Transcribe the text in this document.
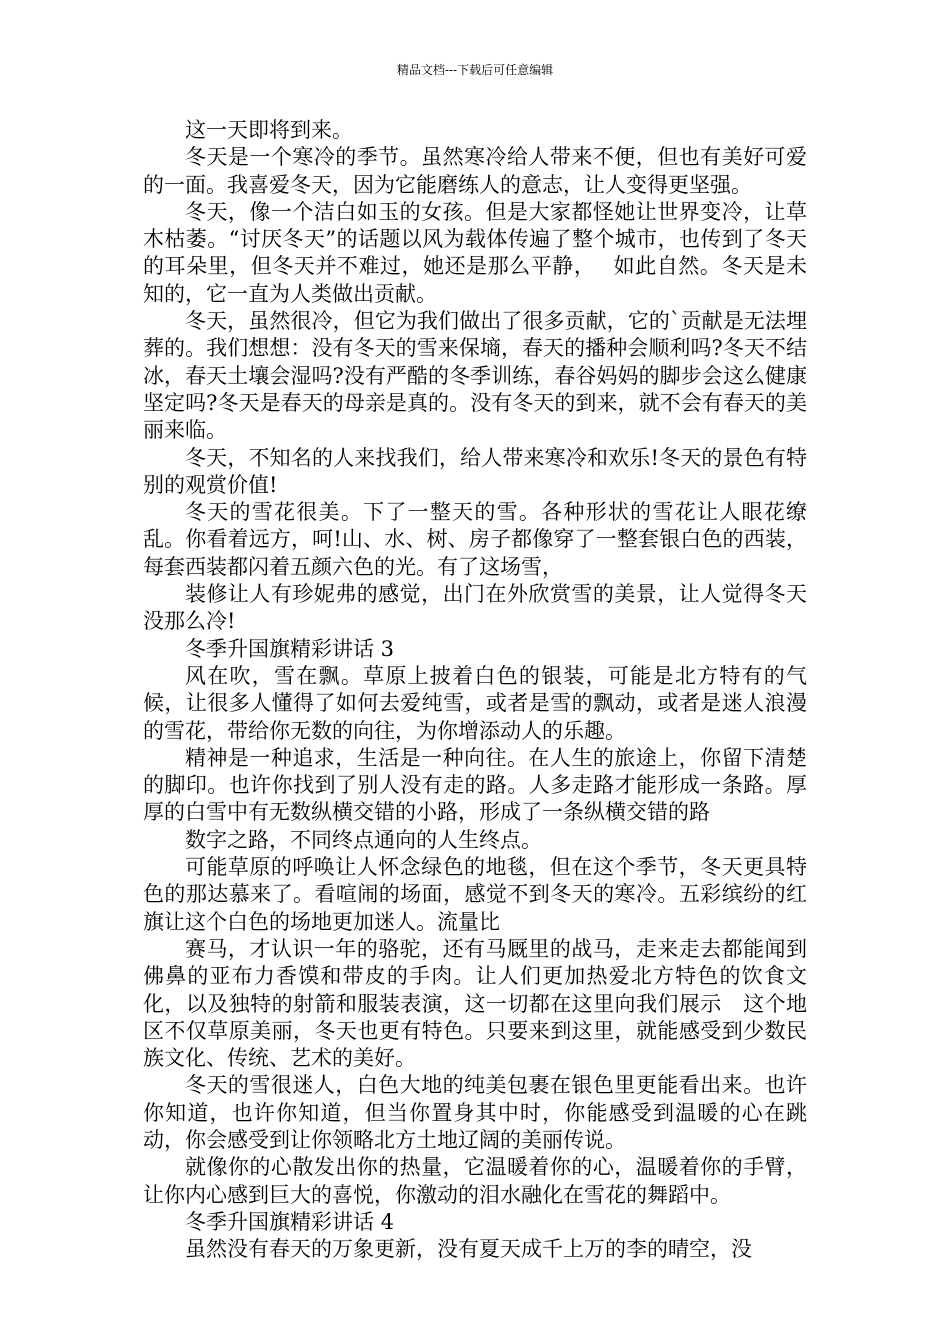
精品文档---下载后可任意编辑

这一天即将到来。

冬天是一个寒冷的季节。虽然寒冷给人带来不便，但也有美好可爱的一面。我喜爱冬天，因为它能磨练人的意志，让人变得更坚强。

冬天，像一个洁白如玉的女孩。但是大家都怪她让世界变冷，让草木枯萎。“讨厌冬天”的话题以风为载体传遍了整个城市，也传到了冬天的耳朵里，但冬天并不难过，她还是那么平静，　 如此自然。冬天是未知的，它一直为人类做出贡献。

冬天，虽然很冷，但它为我们做出了很多贡献，它的`贡献是无法埋葬的。我们想想：没有冬天的雪来保墒，春天的播种会顺利吗?冬天不结冰，春天土壤会湿吗?没有严酷的冬季训练，春谷妈妈的脚步会这么健康坚定吗?冬天是春天的母亲是真的。没有冬天的到来，就不会有春天的美丽来临。

冬天，不知名的人来找我们，给人带来寒冷和欢乐!冬天的景色有特别的观赏价值!

冬天的雪花很美。下了一整天的雪。各种形状的雪花让人眼花缭乱。你看着远方，呵!山、水、树、房子都像穿了一整套银白色的西装，每套西装都闪着五颜六色的光。有了这场雪，

装修让人有珍妮弗的感觉，出门在外欣赏雪的美景，让人觉得冬天没那么冷!

冬季升国旗精彩讲话 3

风在吹，雪在飘。草原上披着白色的银装，可能是北方特有的气候，让很多人懂得了如何去爱纯雪，或者是雪的飘动，或者是迷人浪漫的雪花，带给你无数的向往，为你增添动人的乐趣。

精神是一种追求，生活是一种向往。在人生的旅途上，你留下清楚的脚印。也许你找到了别人没有走的路。人多走路才能形成一条路。厚厚的白雪中有无数纵横交错的小路，形成了一条纵横交错的路

数字之路，不同终点通向的人生终点。

可能草原的呼唤让人怀念绿色的地毯，但在这个季节，冬天更具特色的那达慕来了。看喧闹的场面，感觉不到冬天的寒冷。五彩缤纷的红旗让这个白色的场地更加迷人。流量比

赛马，才认识一年的骆驼，还有马厩里的战马，走来走去都能闻到佛鼻的亚布力香馍和带皮的手肉。让人们更加热爱北方特色的饮食文化，以及独特的射箭和服装表演，这一切都在这里向我们展示　这个地区不仅草原美丽，冬天也更有特色。只要来到这里，就能感受到少数民族文化、传统、艺术的美好。

冬天的雪很迷人，白色大地的纯美包裹在银色里更能看出来。也许你知道，也许你知道，但当你置身其中时，你能感受到温暖的心在跳动，你会感受到让你领略北方土地辽阔的美丽传说。

就像你的心散发出你的热量，它温暖着你的心，温暖着你的手臂，让你内心感到巨大的喜悦，你激动的泪水融化在雪花的舞蹈中。

冬季升国旗精彩讲话 4

虽然没有春天的万象更新，没有夏天成千上万的李的晴空，没
